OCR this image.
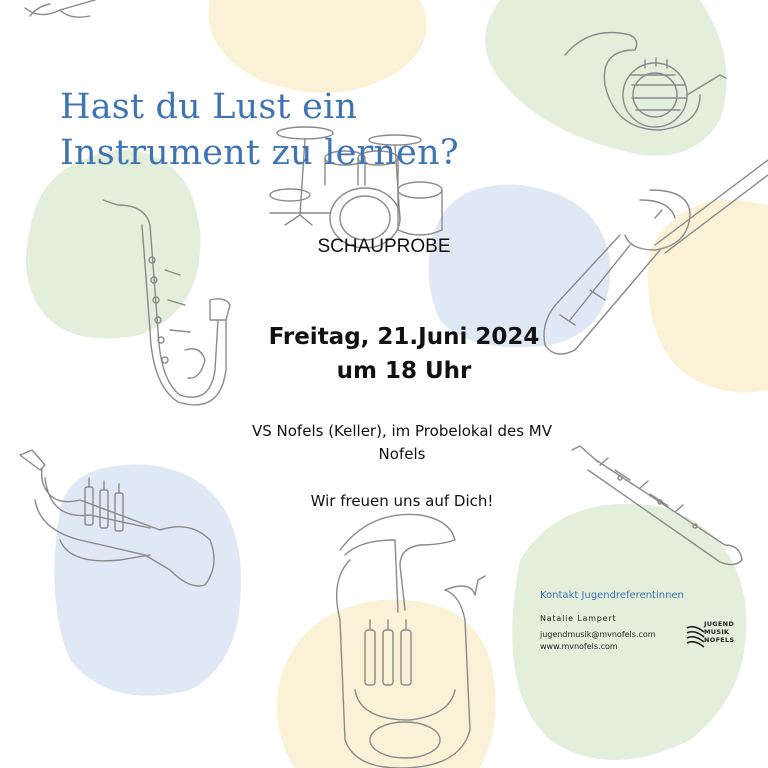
Hast du Lust ein
Instrument zu lernen?
SCHAUPROBE
Freitag, 21.Juni 2024
um 18 Uhr
VS Nofels (Keller), im Probelokal des MV
Nofels
Wir freuen uns auf Dich!
Kontakt Jugendreferentinnen
Natalie Lampert
jugendmusik@mvnofels.com
www.mvnofels.com
JUGEND
MUSIK
NOFELS
